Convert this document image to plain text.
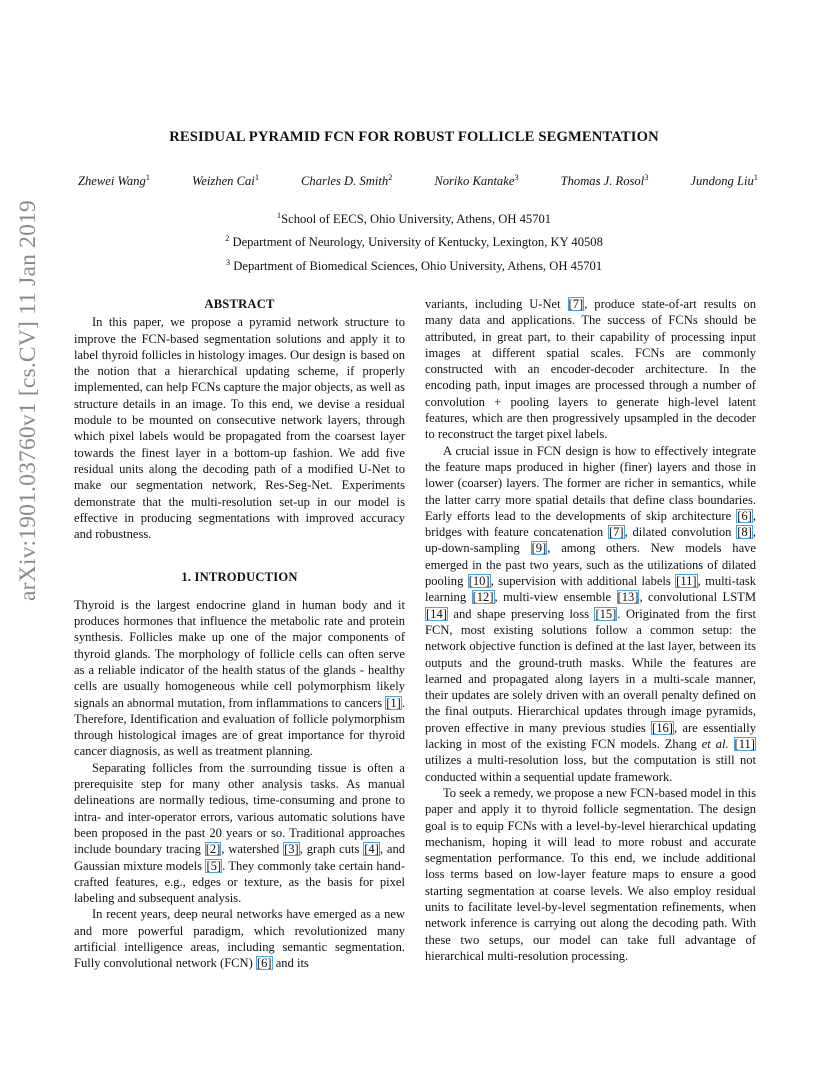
arXiv:1901.03760v1 [cs.CV] 11 Jan 2019
RESIDUAL PYRAMID FCN FOR ROBUST FOLLICLE SEGMENTATION
Zhewei Wang$^1$	Weizhen Cai$^1$	Charles D. Smith$^2$	Noriko Kantake$^3$	Thomas J. Rosol$^3$	Jundong Liu$^1$
$^1$School of EECS, Ohio University, Athens, OH 45701
$^2$ Department of Neurology, University of Kentucky, Lexington, KY 40508
$^3$ Department of Biomedical Sciences, Ohio University, Athens, OH 45701
ABSTRACT

In this paper, we propose a pyramid network structure to improve the FCN-based segmentation solutions and apply it to label thyroid follicles in histology images. Our design is based on the notion that a hierarchical updating scheme, if properly implemented, can help FCNs capture the major objects, as well as structure details in an image. To this end, we devise a residual module to be mounted on consecutive network layers, through which pixel labels would be propagated from the coarsest layer towards the finest layer in a bottom-up fashion. We add five residual units along the decoding path of a modified U-Net to make our segmentation network, Res-Seg-Net. Experiments demonstrate that the multi-resolution set-up in our model is effective in producing segmentations with improved accuracy and robustness.

1. INTRODUCTION

Thyroid is the largest endocrine gland in human body and it produces hormones that influence the metabolic rate and protein synthesis. Follicles make up one of the major components of thyroid glands. The morphology of follicle cells can often serve as a reliable indicator of the health status of the glands - healthy cells are usually homogeneous while cell polymorphism likely signals an abnormal mutation, from inflammations to cancers [1]. Therefore, Identification and evaluation of follicle polymorphism through histological images are of great importance for thyroid cancer diagnosis, as well as treatment planning.

Separating follicles from the surrounding tissue is often a prerequisite step for many other analysis tasks. As manual delineations are normally tedious, time-consuming and prone to intra- and inter-operator errors, various automatic solutions have been proposed in the past 20 years or so. Traditional approaches include boundary tracing [2], watershed [3], graph cuts [4], and Gaussian mixture models [5]. They commonly take certain hand-crafted features, e.g., edges or texture, as the basis for pixel labeling and subsequent analysis.

In recent years, deep neural networks have emerged as a new and more powerful paradigm, which revolutionized many artificial intelligence areas, including semantic segmentation. Fully convolutional network (FCN) [6] and its

variants, including U-Net [7], produce state-of-art results on many data and applications. The success of FCNs should be attributed, in great part, to their capability of processing input images at different spatial scales. FCNs are commonly constructed with an encoder-decoder architecture. In the encoding path, input images are processed through a number of convolution + pooling layers to generate high-level latent features, which are then progressively upsampled in the decoder to reconstruct the target pixel labels.

A crucial issue in FCN design is how to effectively integrate the feature maps produced in higher (finer) layers and those in lower (coarser) layers. The former are richer in semantics, while the latter carry more spatial details that define class boundaries. Early efforts lead to the developments of skip architecture [6], bridges with feature concatenation [7], dilated convolution [8], up-down-sampling [9], among others. New models have emerged in the past two years, such as the utilizations of dilated pooling [10], supervision with additional labels [11], multi-task learning [12], multi-view ensemble [13], convolutional LSTM [14] and shape preserving loss [15]. Originated from the first FCN, most existing solutions follow a common setup: the network objective function is defined at the last layer, between its outputs and the ground-truth masks. While the features are learned and propagated along layers in a multi-scale manner, their updates are solely driven with an overall penalty defined on the final outputs. Hierarchical updates through image pyramids, proven effective in many previous studies [16], are essentially lacking in most of the existing FCN models. Zhang et al. [11] utilizes a multi-resolution loss, but the computation is still not conducted within a sequential update framework.

To seek a remedy, we propose a new FCN-based model in this paper and apply it to thyroid follicle segmentation. The design goal is to equip FCNs with a level-by-level hierarchical updating mechanism, hoping it will lead to more robust and accurate segmentation performance. To this end, we include additional loss terms based on low-layer feature maps to ensure a good starting segmentation at coarse levels. We also employ residual units to facilitate level-by-level segmentation refinements, when network inference is carrying out along the decoding path. With these two setups, our model can take full advantage of hierarchical multi-resolution processing.
